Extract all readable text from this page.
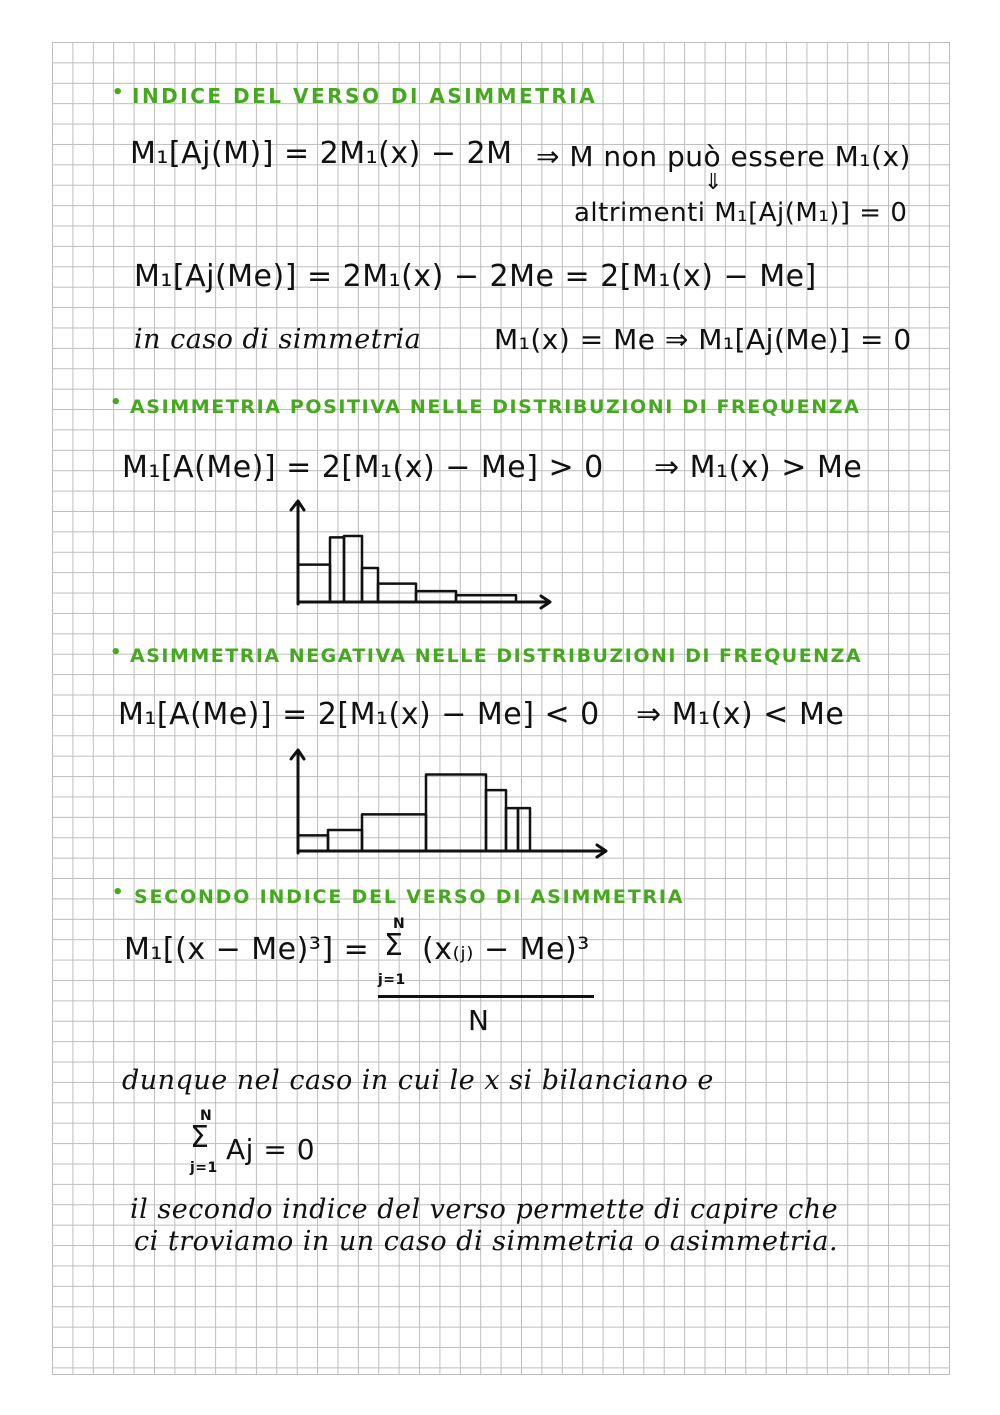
• INDICE DEL VERSO DI ASIMMETRIA
M₁[Aj(M)] = 2M₁(x) − 2M ⇒ M non può essere M₁(x)
⇓
altrimenti M₁[Aj(M₁)] = 0
M₁[Aj(Me)] = 2M₁(x) − 2Me = 2[M₁(x) − Me]
in caso di simmetria	M₁(x) = Me ⇒ M₁[Aj(Me)] = 0
• ASIMMETRIA POSITIVA NELLE DISTRIBUZIONI DI FREQUENZA
M₁[A(Me)] = 2[M₁(x) − Me] > 0 ⇒ M₁(x) > Me
• ASIMMETRIA NEGATIVA NELLE DISTRIBUZIONI DI FREQUENZA
M₁[A(Me)] = 2[M₁(x) − Me] < 0 ⇒ M₁(x) < Me
• SECONDO INDICE DEL VERSO DI ASIMMETRIA
M₁[(x − Me)³] =
N
Σ
j=1
(x₍ⱼ₎ − Me)³
N
dunque nel caso in cui le x si bilanciano e
N
Σ
j=1
Aj = 0
il secondo indice del verso permette di capire che
ci troviamo in un caso di simmetria o asimmetria.
